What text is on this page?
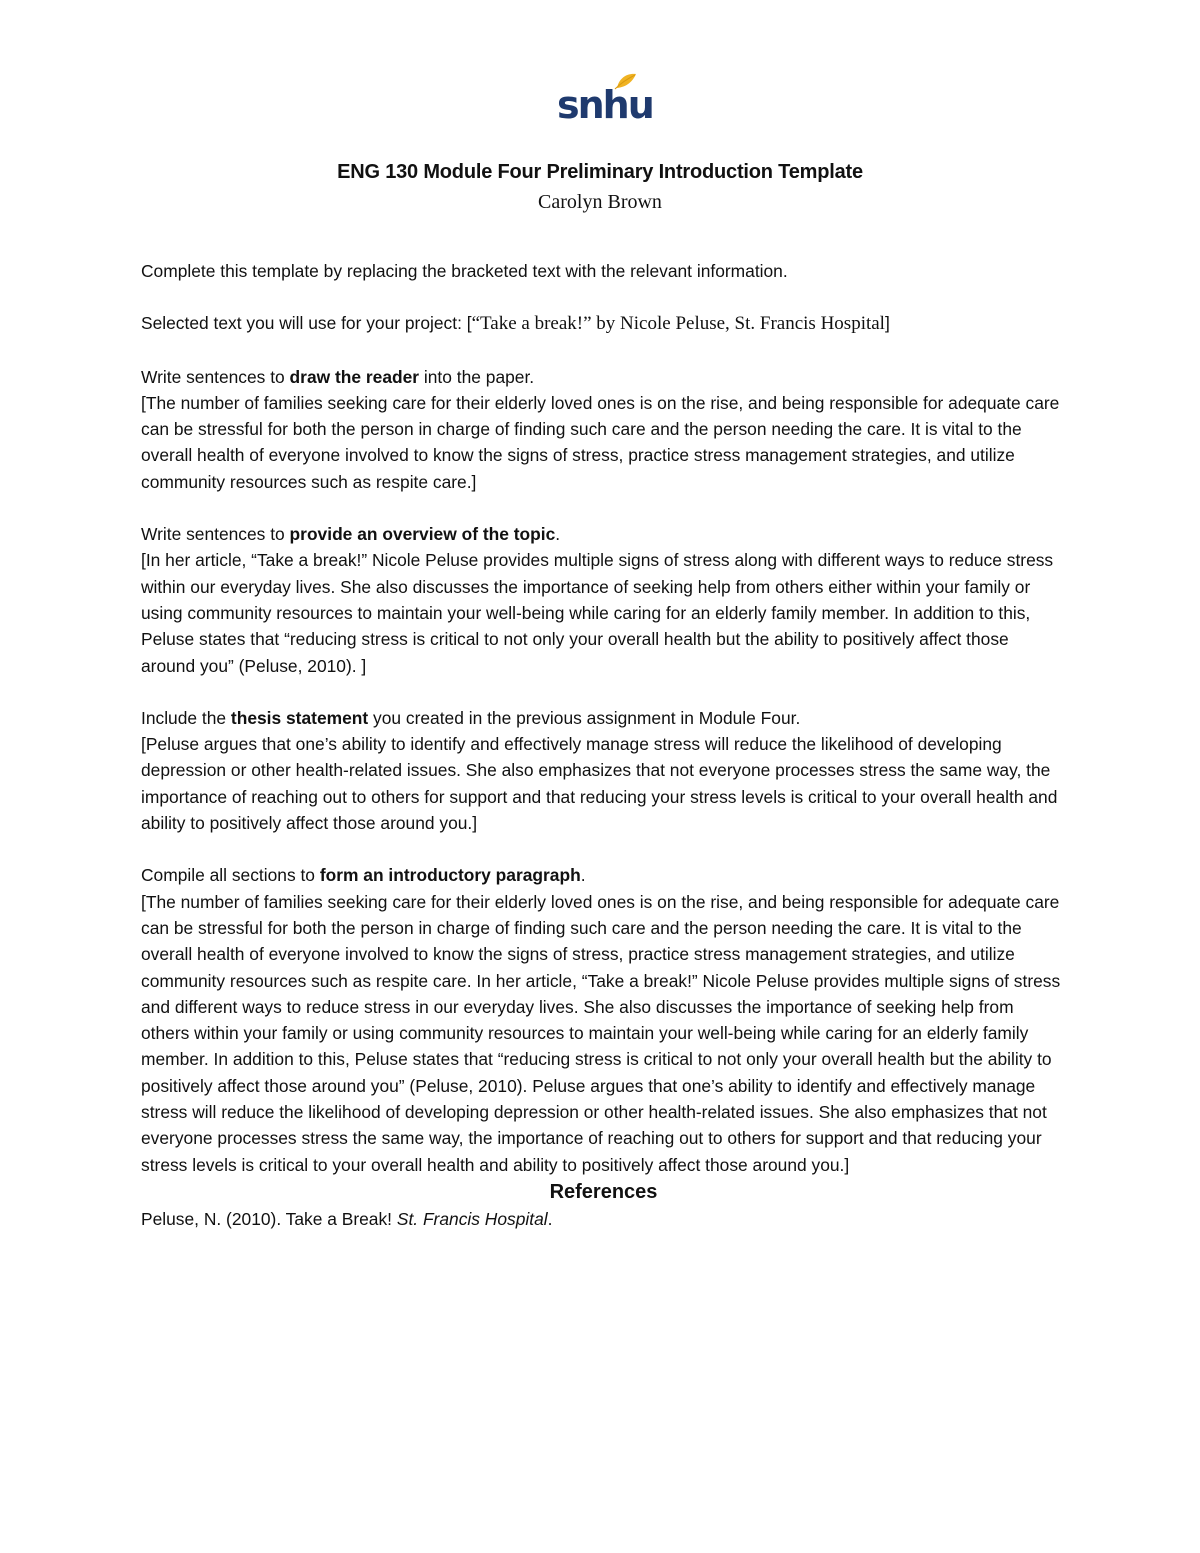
snhu
ENG 130 Module Four Preliminary Introduction Template
Carolyn Brown

Complete this template by replacing the bracketed text with the relevant information.

Selected text you will use for your project: [“Take a break!” by Nicole Peluse, St. Francis Hospital]

Write sentences to draw the reader into the paper.

[The number of families seeking care for their elderly loved ones is on the rise, and being responsible for adequate care can be stressful for both the person in charge of finding such care and the person needing the care. It is vital to the overall health of everyone involved to know the signs of stress, practice stress management strategies, and utilize community resources such as respite care.]

Write sentences to provide an overview of the topic.

[In her article, “Take a break!” Nicole Peluse provides multiple signs of stress along with different ways to reduce stress within our everyday lives. She also discusses the importance of seeking help from others either within your family or using community resources to maintain your well-being while caring for an elderly family member. In addition to this, Peluse states that “reducing stress is critical to not only your overall health but the ability to positively affect those around you” (Peluse, 2010). ]

Include the thesis statement you created in the previous assignment in Module Four.

[Peluse argues that one’s ability to identify and effectively manage stress will reduce the likelihood of developing depression or other health-related issues. She also emphasizes that not everyone processes stress the same way, the importance of reaching out to others for support and that reducing your stress levels is critical to your overall health and ability to positively affect those around you.]

Compile all sections to form an introductory paragraph.

[The number of families seeking care for their elderly loved ones is on the rise, and being responsible for adequate care can be stressful for both the person in charge of finding such care and the person needing the care. It is vital to the overall health of everyone involved to know the signs of stress, practice stress management strategies, and utilize community resources such as respite care. In her article, “Take a break!” Nicole Peluse provides multiple signs of stress and different ways to reduce stress in our everyday lives. She also discusses the importance of seeking help from others within your family or using community resources to maintain your well-being while caring for an elderly family member. In addition to this, Peluse states that “reducing stress is critical to not only your overall health but the ability to positively affect those around you” (Peluse, 2010). Peluse argues that one’s ability to identify and effectively manage stress will reduce the likelihood of developing depression or other health-related issues. She also emphasizes that not everyone processes stress the same way, the importance of reaching out to others for support and that reducing your stress levels is critical to your overall health and ability to positively affect those around you.]

References

Peluse, N. (2010). Take a Break! St. Francis Hospital.
